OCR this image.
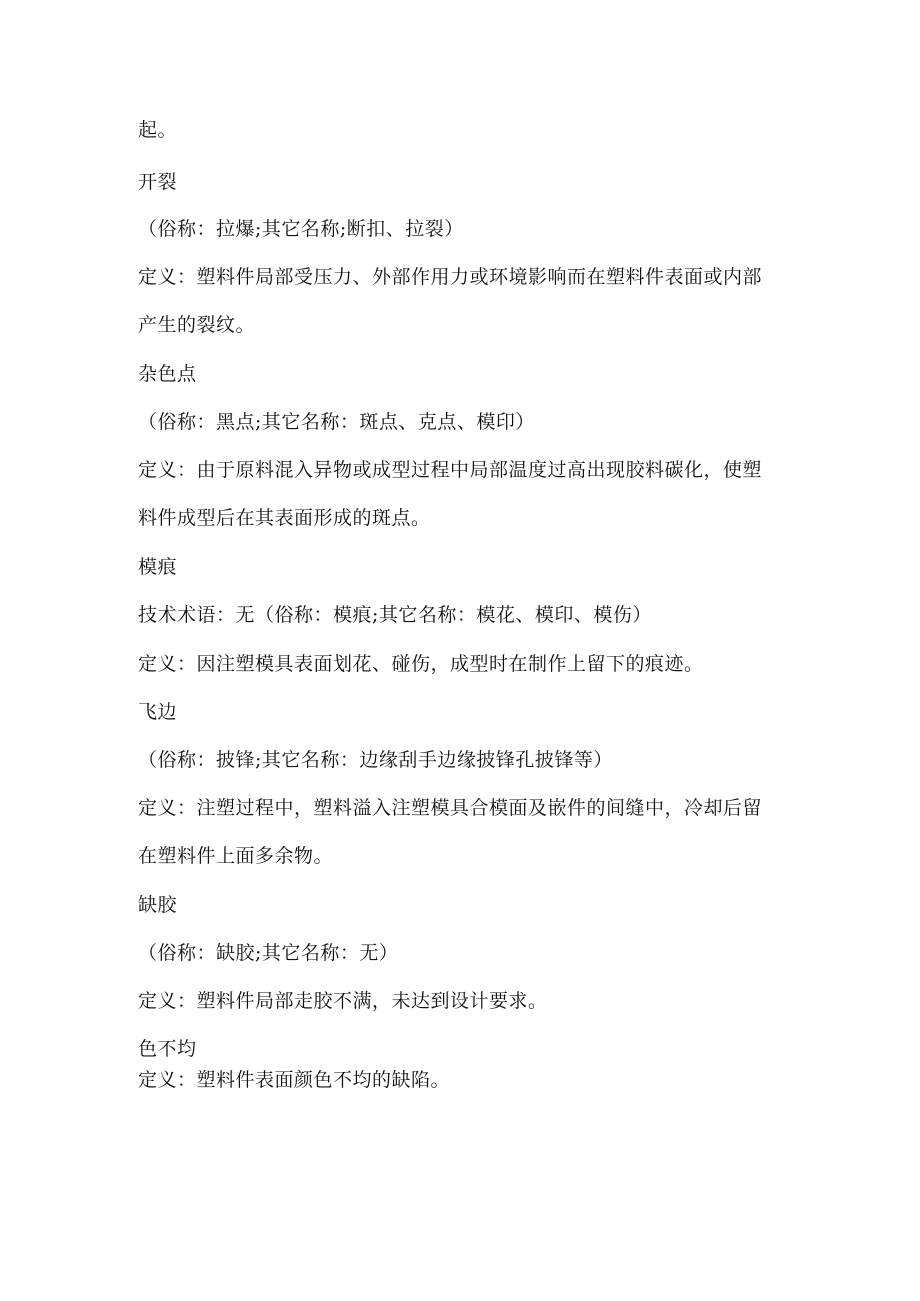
起。
开裂
（俗称：拉爆;其它名称;断扣、拉裂）
定义：塑料件局部受压力、外部作用力或环境影响而在塑料件表面或内部
产生的裂纹。
杂色点
（俗称：黑点;其它名称：斑点、克点、模印）
定义：由于原料混入异物或成型过程中局部温度过高出现胶料碳化，使塑
料件成型后在其表面形成的斑点。
模痕
技术术语：无（俗称：模痕;其它名称：模花、模印、模伤）
定义：因注塑模具表面划花、碰伤，成型时在制作上留下的痕迹。
飞边
（俗称：披锋;其它名称：边缘刮手边缘披锋孔披锋等）
定义：注塑过程中，塑料溢入注塑模具合模面及嵌件的间缝中，冷却后留
在塑料件上面多余物。
缺胶
（俗称：缺胶;其它名称：无）
定义：塑料件局部走胶不满，未达到设计要求。
色不均
定义：塑料件表面颜色不均的缺陷。
